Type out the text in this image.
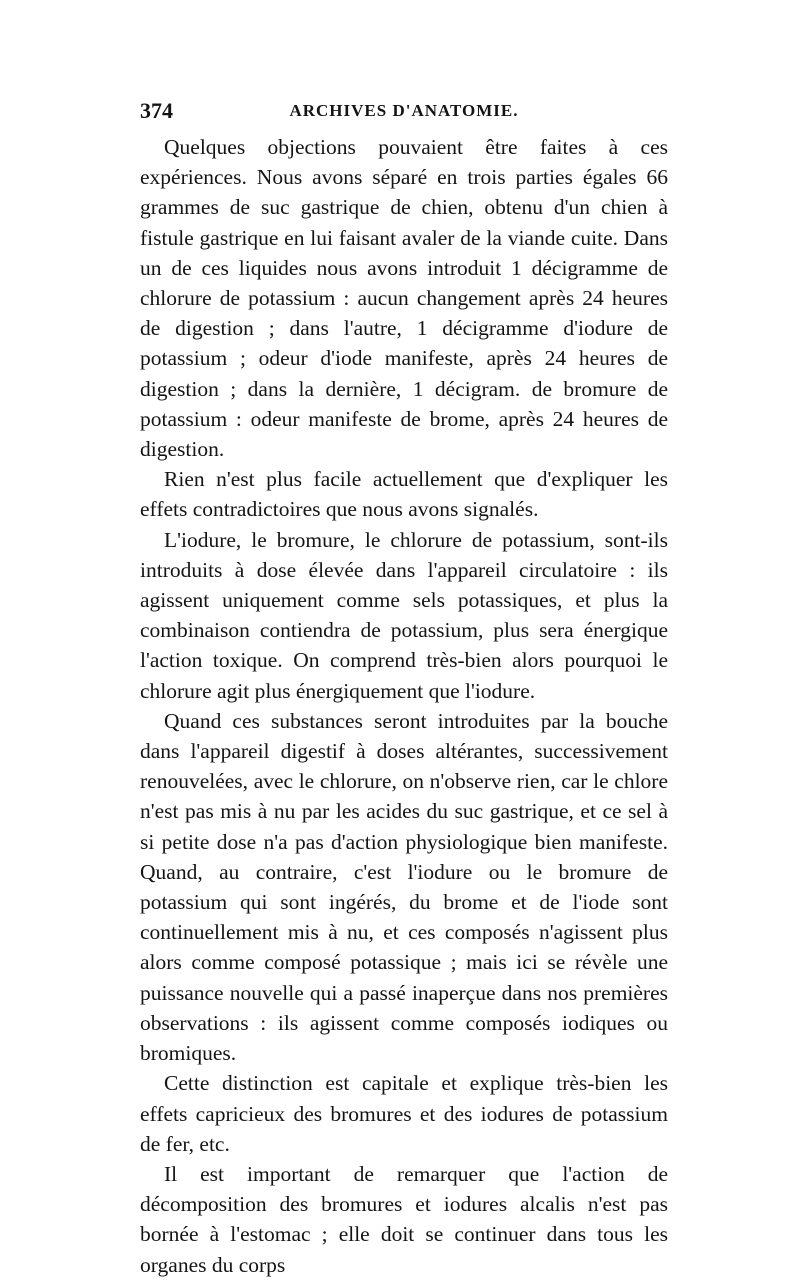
374	ARCHIVES D'ANATOMIE.

Quelques objections pouvaient être faites à ces expériences. Nous avons séparé en trois parties égales 66 grammes de suc gastrique de chien, obtenu d'un chien à fistule gastrique en lui faisant avaler de la viande cuite. Dans un de ces liquides nous avons introduit 1 décigramme de chlorure de potassium : aucun changement après 24 heures de digestion ; dans l'autre, 1 décigramme d'iodure de potassium ; odeur d'iode manifeste, après 24 heures de digestion ; dans la dernière, 1 décigram. de bromure de potassium : odeur manifeste de brome, après 24 heures de digestion.

Rien n'est plus facile actuellement que d'expliquer les effets contradictoires que nous avons signalés.

L'iodure, le bromure, le chlorure de potassium, sont-ils introduits à dose élevée dans l'appareil circulatoire : ils agissent uniquement comme sels potassiques, et plus la combinaison contiendra de potassium, plus sera énergique l'action toxique. On comprend très-bien alors pourquoi le chlorure agit plus énergiquement que l'iodure.

Quand ces substances seront introduites par la bouche dans l'appareil digestif à doses altérantes, successivement renouvelées, avec le chlorure, on n'observe rien, car le chlore n'est pas mis à nu par les acides du suc gastrique, et ce sel à si petite dose n'a pas d'action physiologique bien manifeste. Quand, au contraire, c'est l'iodure ou le bromure de potassium qui sont ingérés, du brome et de l'iode sont continuellement mis à nu, et ces composés n'agissent plus alors comme composé potassique ; mais ici se révèle une puissance nouvelle qui a passé inaperçue dans nos premières observations : ils agissent comme composés iodiques ou bromiques.

Cette distinction est capitale et explique très-bien les effets capricieux des bromures et des iodures de potassium de fer, etc.

Il est important de remarquer que l'action de décomposition des bromures et iodures alcalis n'est pas bornée à l'estomac ; elle doit se continuer dans tous les organes du corps
